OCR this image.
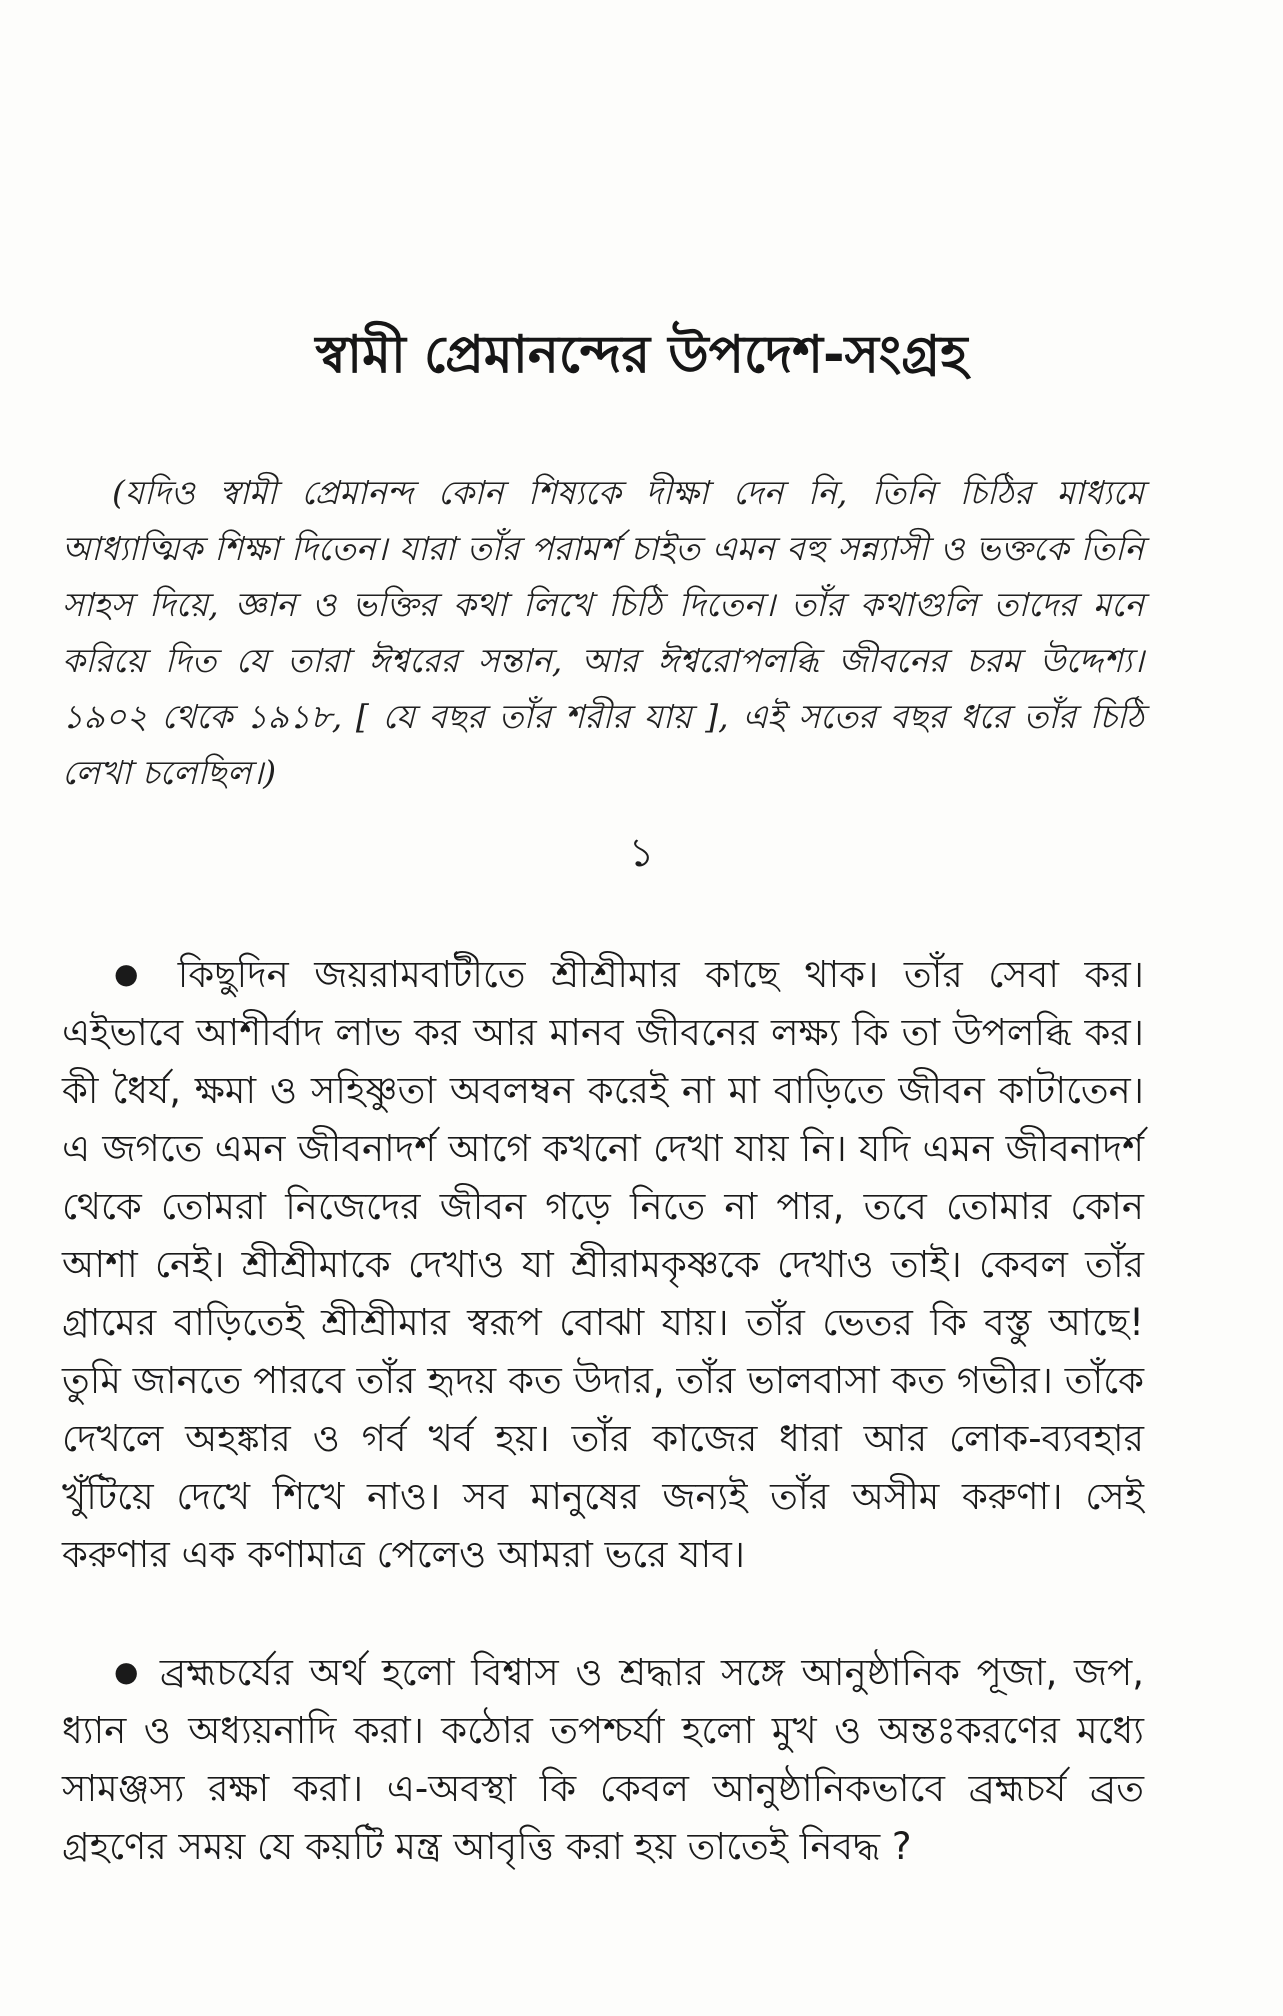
স্বামী প্রেমানন্দের উপদেশ-সংগ্রহ

(যদিও স্বামী প্রেমানন্দ কোন শিষ্যকে দীক্ষা দেন নি, তিনি চিঠির মাধ্যমে আধ্যাত্মিক শিক্ষা দিতেন। যারা তাঁর পরামর্শ চাইত এমন বহু সন্ন্যাসী ও ভক্তকে তিনি সাহস দিয়ে, জ্ঞান ও ভক্তির কথা লিখে চিঠি দিতেন। তাঁর কথাগুলি তাদের মনে করিয়ে দিত যে তারা ঈশ্বরের সন্তান, আর ঈশ্বরোপলব্ধি জীবনের চরম উদ্দেশ্য। ১৯০২ থেকে ১৯১৮, [ যে বছর তাঁর শরীর যায় ], এই সতের বছর ধরে তাঁর চিঠি লেখা চলেছিল।)

১

● কিছুদিন জয়রামবাটীতে শ্রীশ্রীমার কাছে থাক। তাঁর সেবা কর। এইভাবে আশীর্বাদ লাভ কর আর মানব জীবনের লক্ষ্য কি তা উপলব্ধি কর। কী ধৈর্য, ক্ষমা ও সহিষ্ণুতা অবলম্বন করেই না মা বাড়িতে জীবন কাটাতেন। এ জগতে এমন জীবনাদর্শ আগে কখনো দেখা যায় নি। যদি এমন জীবনাদর্শ থেকে তোমরা নিজেদের জীবন গড়ে নিতে না পার, তবে তোমার কোন আশা নেই। শ্রীশ্রীমাকে দেখাও যা শ্রীরামকৃষ্ণকে দেখাও তাই। কেবল তাঁর গ্রামের বাড়িতেই শ্রীশ্রীমার স্বরূপ বোঝা যায়। তাঁর ভেতর কি বস্তু আছে! তুমি জানতে পারবে তাঁর হৃদয় কত উদার, তাঁর ভালবাসা কত গভীর। তাঁকে দেখলে অহঙ্কার ও গর্ব খর্ব হয়। তাঁর কাজের ধারা আর লোক-ব্যবহার খুঁটিয়ে দেখে শিখে নাও। সব মানুষের জন্যই তাঁর অসীম করুণা। সেই করুণার এক কণামাত্র পেলেও আমরা ভরে যাব।

● ব্রহ্মচর্যের অর্থ হলো বিশ্বাস ও শ্রদ্ধার সঙ্গে আনুষ্ঠানিক পূজা, জপ, ধ্যান ও অধ্যয়নাদি করা। কঠোর তপশ্চর্যা হলো মুখ ও অন্তঃকরণের মধ্যে সামঞ্জস্য রক্ষা করা। এ-অবস্থা কি কেবল আনুষ্ঠানিকভাবে ব্রহ্মচর্য ব্রত গ্রহণের সময় যে কয়টি মন্ত্র আবৃত্তি করা হয় তাতেই নিবদ্ধ ?
